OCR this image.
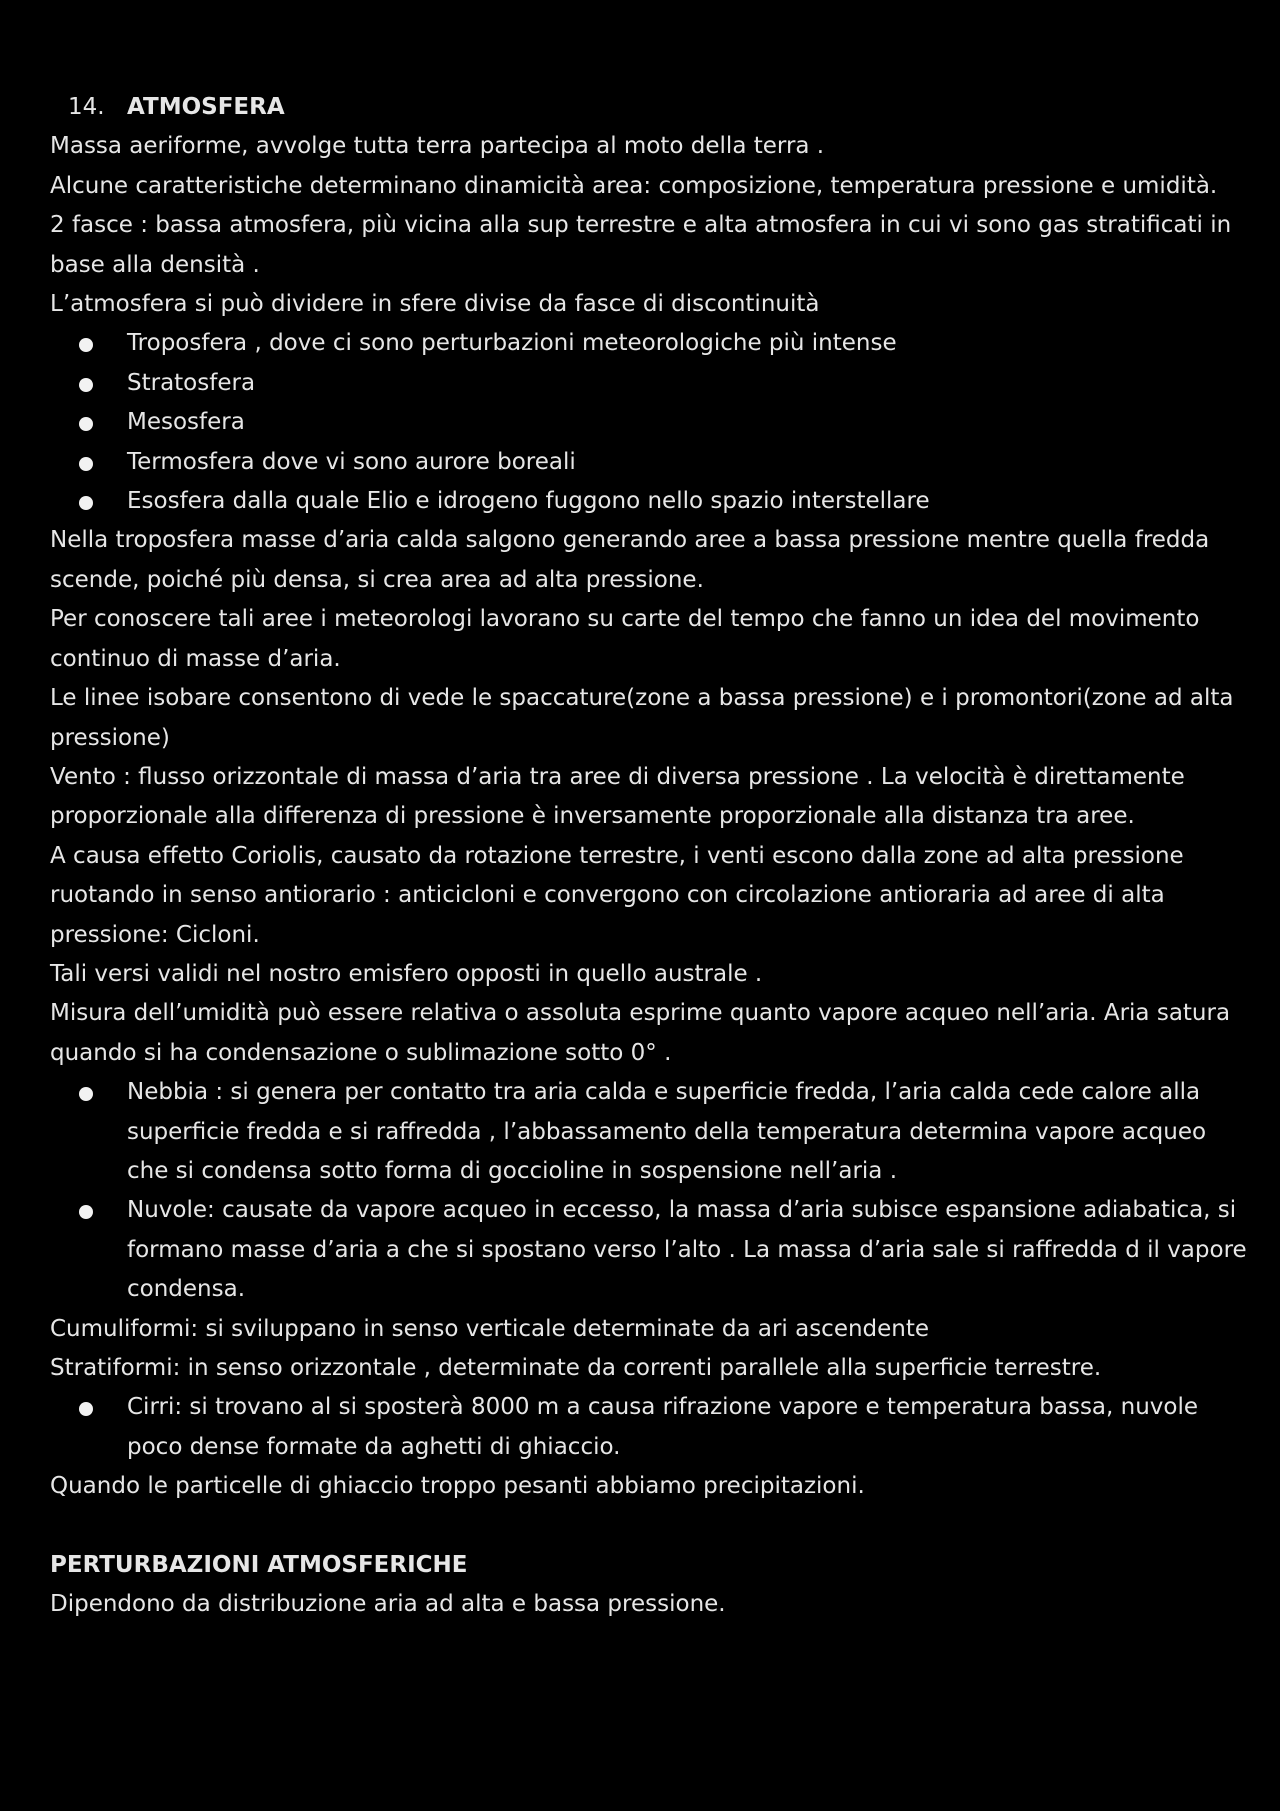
14. ATMOSFERA

Massa aeriforme, avvolge tutta terra partecipa al moto della terra .

Alcune caratteristiche determinano dinamicità area: composizione, temperatura pressione e umidità.

2 fasce : bassa atmosfera, più vicina alla sup terrestre e alta atmosfera in cui vi sono gas stratificati in base alla densità .

L’atmosfera si può dividere in sfere divise da fasce di discontinuità

Troposfera , dove ci sono perturbazioni meteorologiche più intense
Stratosfera
Mesosfera
Termosfera dove vi sono aurore boreali
Esosfera dalla quale Elio e idrogeno fuggono nello spazio interstellare

Nella troposfera masse d’aria calda salgono generando aree a bassa pressione mentre quella fredda scende, poiché più densa, si crea area ad alta pressione.

Per conoscere tali aree i meteorologi lavorano su carte del tempo che fanno un idea del movimento continuo di masse d’aria.

Le linee isobare consentono di vede le spaccature(zone a bassa pressione) e i promontori(zone ad alta pressione)

Vento : flusso orizzontale di massa d’aria tra aree di diversa pressione . La velocità è direttamente proporzionale alla differenza di pressione è inversamente proporzionale alla distanza tra aree.

A causa effetto Coriolis, causato da rotazione terrestre, i venti escono dalla zone ad alta pressione ruotando in senso antiorario : anticicloni e convergono con circolazione antioraria ad aree di alta pressione: Cicloni.

Tali versi validi nel nostro emisfero opposti in quello australe .

Misura dell’umidità può essere relativa o assoluta esprime quanto vapore acqueo nell’aria. Aria satura quando si ha condensazione o sublimazione sotto 0° .

Nebbia : si genera per contatto tra aria calda e superficie fredda, l’aria calda cede calore alla superficie fredda e si raffredda , l’abbassamento della temperatura determina vapore acqueo che si condensa sotto forma di goccioline in sospensione nell’aria .
Nuvole: causate da vapore acqueo in eccesso, la massa d’aria subisce espansione adiabatica, si formano masse d’aria a che si spostano verso l’alto . La massa d’aria sale si raffredda d il vapore condensa.

Cumuliformi: si sviluppano in senso verticale determinate da ari ascendente

Stratiformi: in senso orizzontale , determinate da correnti parallele alla superficie terrestre.

Cirri: si trovano al si sposterà 8000 m a causa rifrazione vapore e temperatura bassa, nuvole poco dense formate da aghetti di ghiaccio.

Quando le particelle di ghiaccio troppo pesanti abbiamo precipitazioni.

PERTURBAZIONI ATMOSFERICHE

Dipendono da distribuzione aria ad alta e bassa pressione.
